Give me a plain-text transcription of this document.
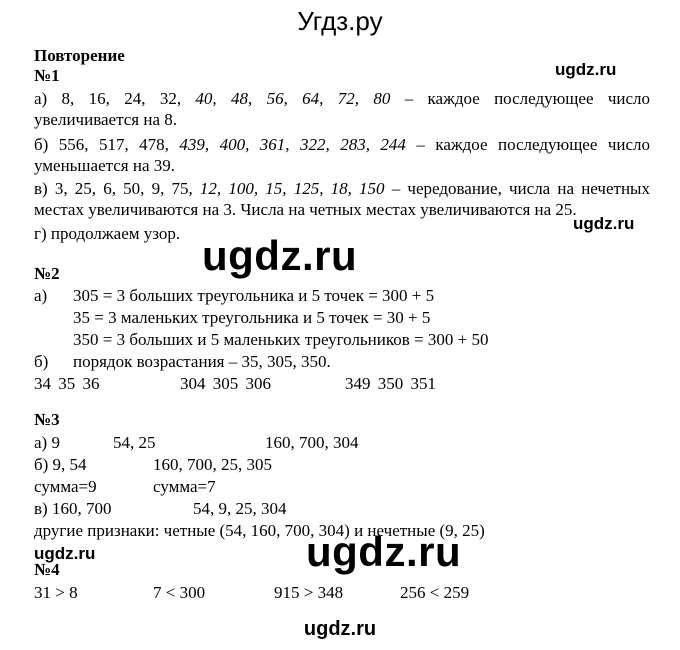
Угдз.ру
ugdz.ru
Повторение
№1
а) 8, 16, 24, 32, 40, 48, 56, 64, 72, 80 – каждое последующее число
увеличивается на 8.
б) 556, 517, 478, 439, 400, 361, 322, 283, 244 – каждое последующее число
уменьшается на 39.
в) 3, 25, 6, 50, 9, 75, 12, 100, 15, 125, 18, 150 – чередование, числа на нечетных
местах увеличиваются на 3. Числа на четных местах увеличиваются на 25.
ugdz.ru
г) продолжаем узор. ugdz.ru
№2
а) 305 = 3 больших треугольника и 5 точек = 300 + 5
35 = 3 маленьких треугольника и 5 точек = 30 + 5
350 = 3 больших и 5 маленьких треугольников = 300 + 50
б) порядок возрастания – 35, 305, 350.
34 35 36	304 305 306	349 350 351
№3
а) 9	54, 25	160, 700, 304
б) 9, 54	160, 700, 25, 305
сумма=9	сумма=7
в) 160, 700	54, 9, 25, 304
другие признаки: четные (54, 160, 700, 304) и нечетные (9, 25)
ugdz.ru	ugdz.ru
№4
31 > 8	7 < 300	915 > 348	256 < 259
ugdz.ru
